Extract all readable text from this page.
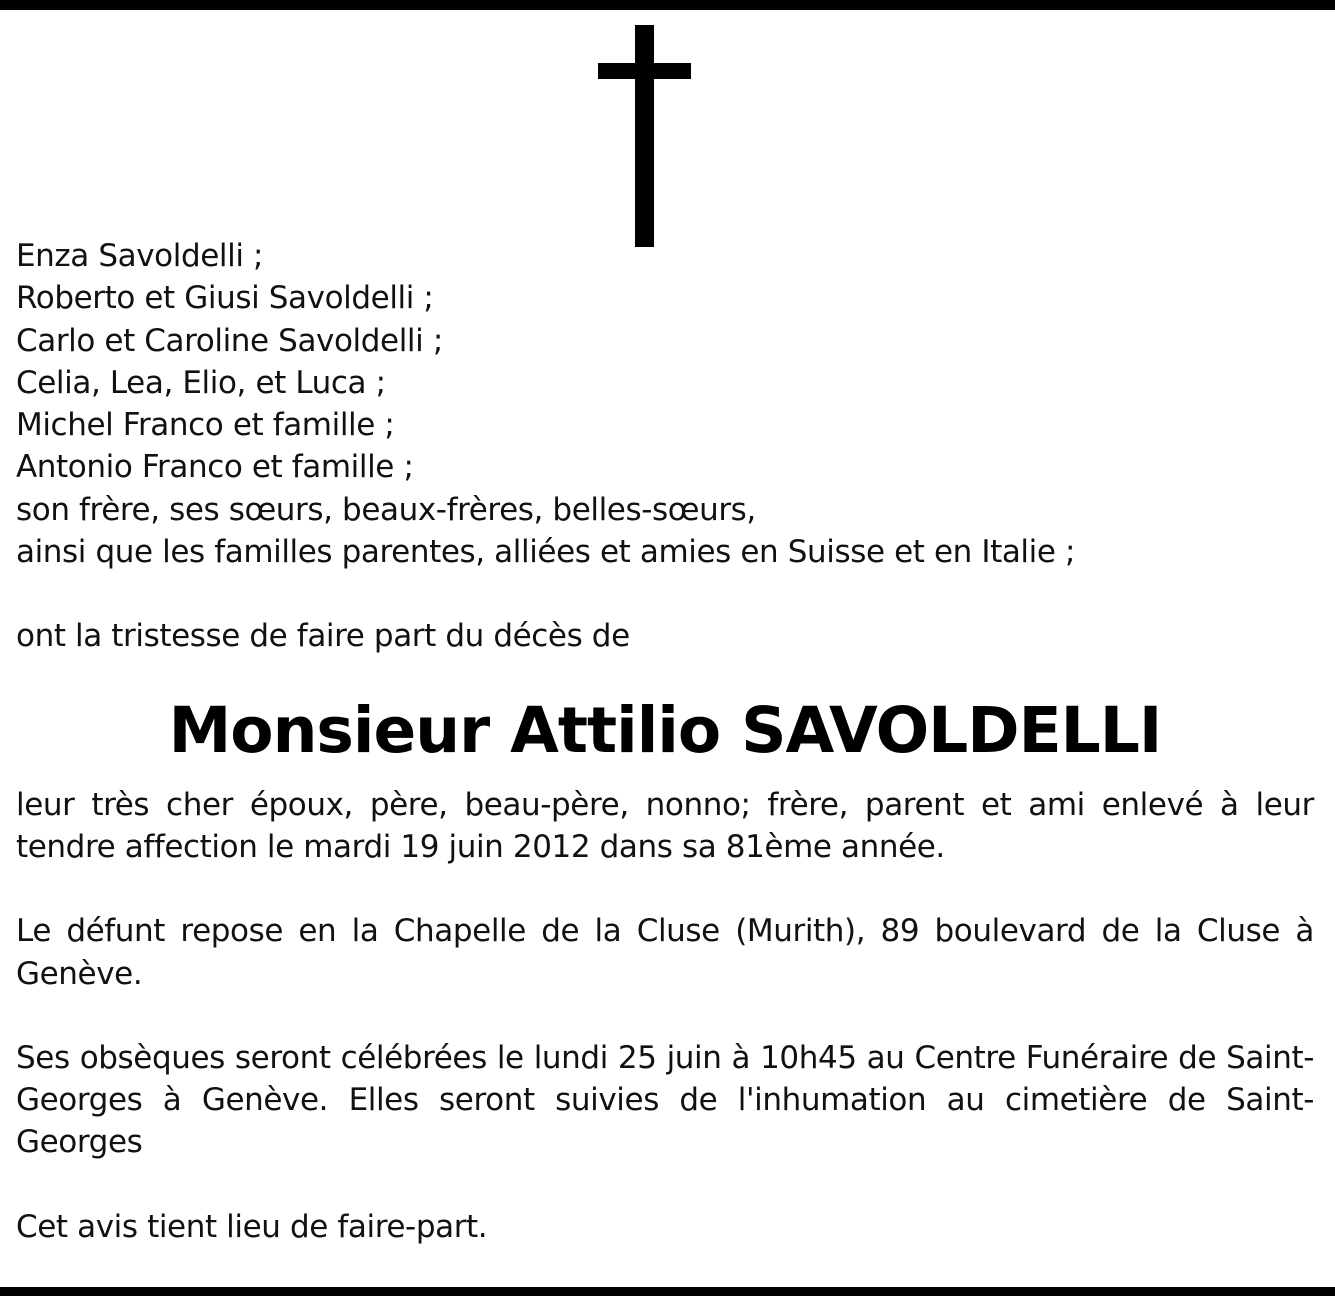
Enza Savoldelli ;
Roberto et Giusi Savoldelli ;
Carlo et Caroline Savoldelli ;
Celia, Lea, Elio, et Luca ;
Michel Franco et famille ;
Antonio Franco et famille ;
son frère, ses sœurs, beaux-frères, belles-sœurs,
ainsi que les familles parentes, alliées et amies en Suisse et en Italie ;
ont la tristesse de faire part du décès de
Monsieur Attilio SAVOLDELLI

leur très cher époux, père, beau-père, nonno; frère, parent et ami enlevé à leur tendre affection le mardi 19 juin 2012 dans sa 81ème année.

Le défunt repose en la Chapelle de la Cluse (Murith), 89 boulevard de la Cluse à Genève.

Ses obsèques seront célébrées le lundi 25 juin à 10h45 au Centre Funéraire de Saint-Georges à Genève. Elles seront suivies de l'inhumation au cimetière de Saint-Georges

Cet avis tient lieu de faire-part.
